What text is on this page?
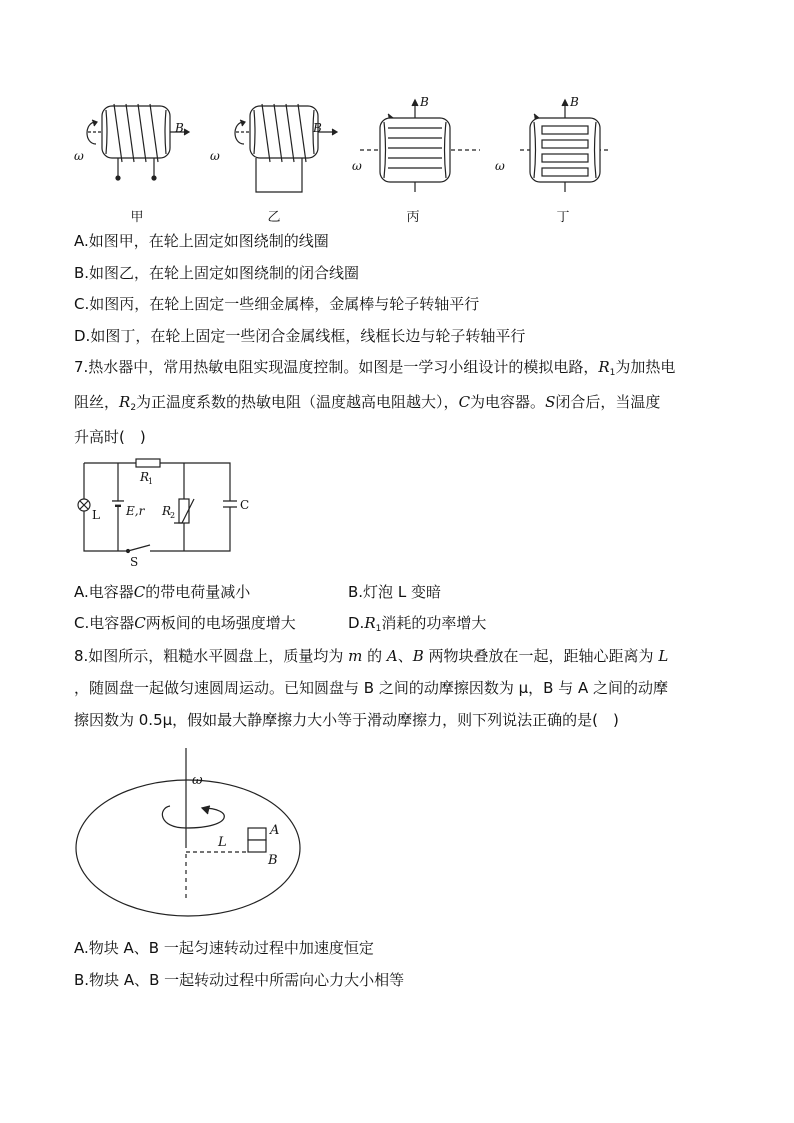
ω
B
ω
B
ω
B
ω
B
甲	乙	丙	丁
A.如图甲，在轮上固定如图绕制的线圈
B.如图乙，在轮上固定如图绕制的闭合线圈
C.如图丙，在轮上固定一些细金属棒，金属棒与轮子转轴平行
D.如图丁，在轮上固定一些闭合金属线框，线框长边与轮子转轴平行
7.热水器中，常用热敏电阻实现温度控制。如图是一学习小组设计的模拟电路，$R_1$为加热电
阻丝，$R_2$为正温度系数的热敏电阻（温度越高电阻越大），C为电容器。S闭合后，当温度
升高时(　)
R
1
R
2
E,r
L
C
S
A.电容器C的带电荷量减小	B.灯泡 L 变暗
C.电容器C两板间的电场强度增大	$D.R_1$消耗的功率增大
8.如图所示，粗糙水平圆盘上，质量均为 m 的 A、B 两物块叠放在一起，距轴心距离为 L
，随圆盘一起做匀速圆周运动。已知圆盘与 B 之间的动摩擦因数为 μ，B 与 A 之间的动摩
擦因数为 0.5μ，假如最大静摩擦力大小等于滑动摩擦力，则下列说法正确的是(　)
ω
L
A
B
A.物块 A、B 一起匀速转动过程中加速度恒定
B.物块 A、B 一起转动过程中所需向心力大小相等
